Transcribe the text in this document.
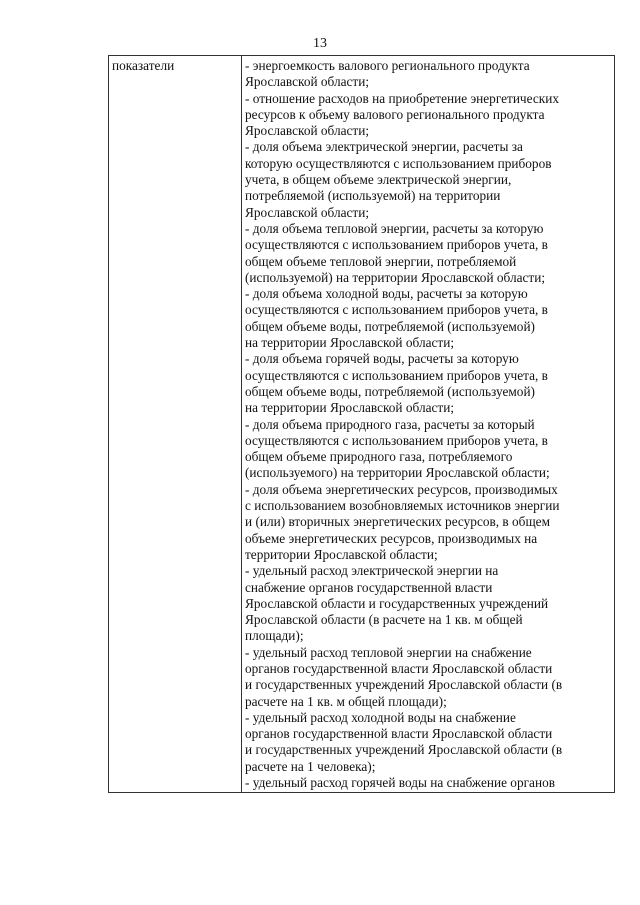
13
показатели	- энергоемкость валового регионального продукта
Ярославской области;
- отношение расходов на приобретение энергетических
ресурсов к объему валового регионального продукта
Ярославской области;
- доля объема электрической энергии, расчеты за
которую осуществляются с использованием приборов
учета, в общем объеме электрической энергии,
потребляемой (используемой) на территории
Ярославской области;
- доля объема тепловой энергии, расчеты за которую
осуществляются с использованием приборов учета, в
общем объеме тепловой энергии, потребляемой
(используемой) на территории Ярославской области;
- доля объема холодной воды, расчеты за которую
осуществляются с использованием приборов учета, в
общем объеме воды, потребляемой (используемой)
на территории Ярославской области;
- доля объема горячей воды, расчеты за которую
осуществляются с использованием приборов учета, в
общем объеме воды, потребляемой (используемой)
на территории Ярославской области;
- доля объема природного газа, расчеты за который
осуществляются с использованием приборов учета, в
общем объеме природного газа, потребляемого
(используемого) на территории Ярославской области;
- доля объема энергетических ресурсов, производимых
с использованием возобновляемых источников энергии
и (или) вторичных энергетических ресурсов, в общем
объеме энергетических ресурсов, производимых на
территории Ярославской области;
- удельный расход электрической энергии на
снабжение органов государственной власти
Ярославской области и государственных учреждений
Ярославской области (в расчете на 1 кв. м общей
площади);
- удельный расход тепловой энергии на снабжение
органов государственной власти Ярославской области
и государственных учреждений Ярославской области (в
расчете на 1 кв. м общей площади);
- удельный расход холодной воды на снабжение
органов государственной власти Ярославской области
и государственных учреждений Ярославской области (в
расчете на 1 человека);
- удельный расход горячей воды на снабжение органов
